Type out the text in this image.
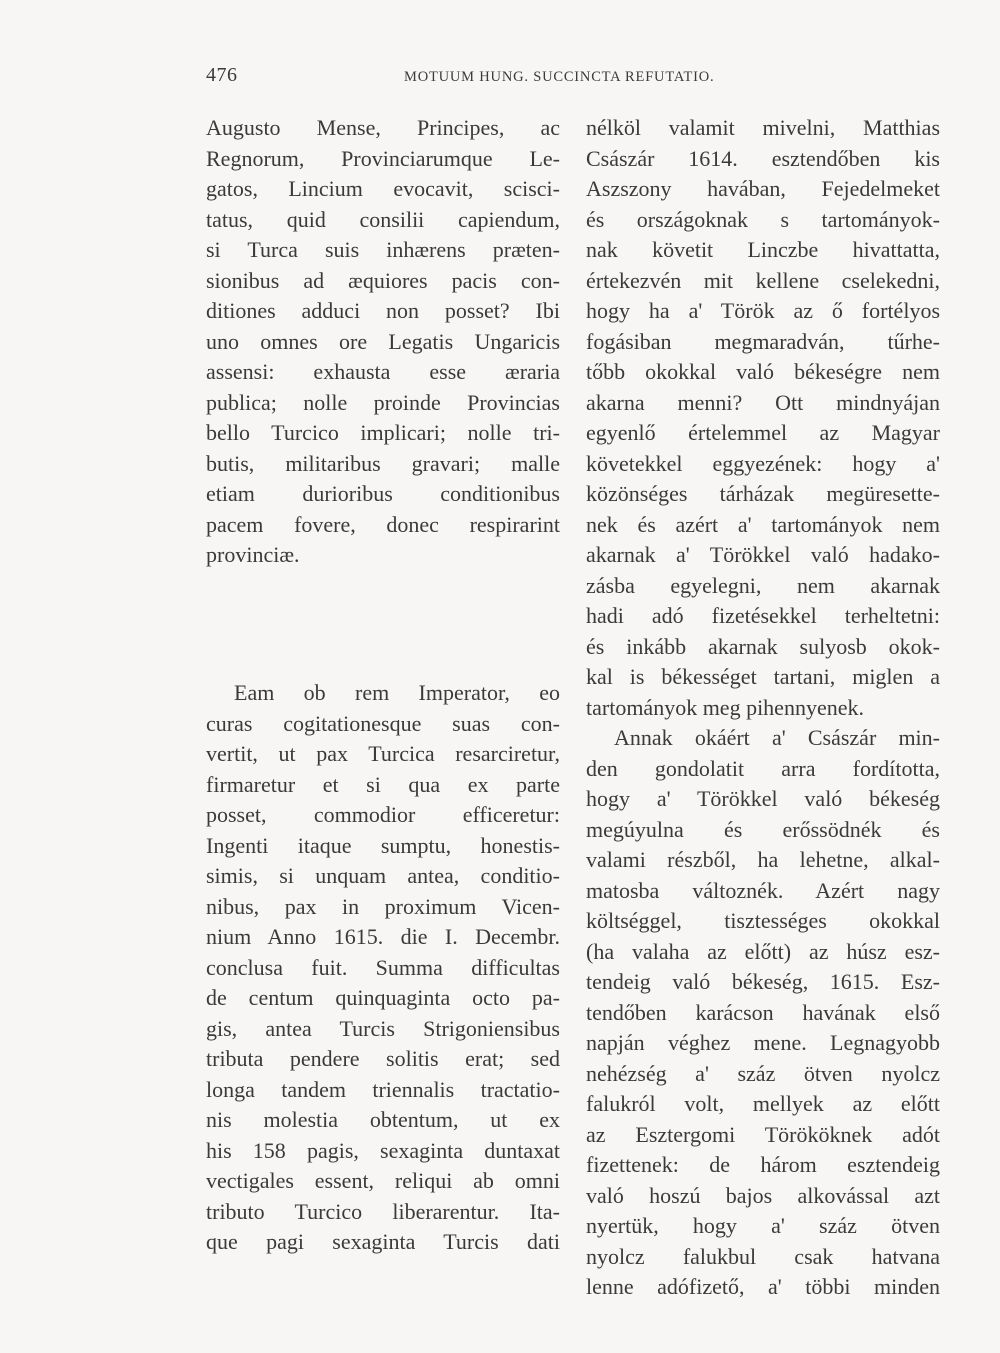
476	MOTUUM HUNG. SUCCINCTA REFUTATIO.
Augusto Mense, Principes, ac
Regnorum, Provinciarumque Le-
gatos, Lincium evocavit, scisci-
tatus, quid consilii capiendum,
si Turca suis inhærens præten-
sionibus ad æquiores pacis con-
ditiones adduci non posset? Ibi
uno omnes ore Legatis Ungaricis
assensi: exhausta esse æraria
publica; nolle proinde Provincias
bello Turcico implicari; nolle tri-
butis, militaribus gravari; malle
etiam durioribus conditionibus
pacem fovere, donec respirarint
provinciæ.
Eam ob rem Imperator, eo
curas cogitationesque suas con-
vertit, ut pax Turcica resarciretur,
firmaretur et si qua ex parte
posset, commodior efficeretur:
Ingenti itaque sumptu, honestis-
simis, si unquam antea, conditio-
nibus, pax in proximum Vicen-
nium Anno 1615. die I. Decembr.
conclusa fuit. Summa difficultas
de centum quinquaginta octo pa-
gis, antea Turcis Strigoniensibus
tributa pendere solitis erat; sed
longa tandem triennalis tractatio-
nis molestia obtentum, ut ex
his 158 pagis, sexaginta duntaxat
vectigales essent, reliqui ab omni
tributo Turcico liberarentur. Ita-
que pagi sexaginta Turcis dati
nélköl valamit mivelni, Matthias
Császár 1614. esztendőben kis
Aszszony havában, Fejedelmeket
és országoknak s tartományok-
nak követit Linczbe hivattatta,
értekezvén mit kellene cselekedni,
hogy ha a' Török az ő fortélyos
fogásiban megmaradván, tűrhe-
tőbb okokkal való békeségre nem
akarna menni? Ott mindnyájan
egyenlő értelemmel az Magyar
követekkel eggyezének: hogy a'
közönséges tárházak megüresette-
nek és azért a' tartományok nem
akarnak a' Törökkel való hadako-
zásba egyelegni, nem akarnak
hadi adó fizetésekkel terheltetni:
és inkább akarnak sulyosb okok-
kal is békességet tartani, miglen a
tartományok meg pihennyenek.
Annak okáért a' Császár min-
den gondolatit arra fordította,
hogy a' Törökkel való békeség
megúyulna és erőssödnék és
valami részből, ha lehetne, alkal-
matosba változnék. Azért nagy
költséggel, tisztességes okokkal
(ha valaha az előtt) az húsz esz-
tendeig való békeség, 1615. Esz-
tendőben karácson havának első
napján véghez mene. Legnagyobb
nehézség a' száz ötven nyolcz
falukról volt, mellyek az előtt
az Esztergomi Törököknek adót
fizettenek: de három esztendeig
való hoszú bajos alkovással azt
nyertük, hogy a' száz ötven
nyolcz falukbul csak hatvana
lenne adófizető, a' többi minden
